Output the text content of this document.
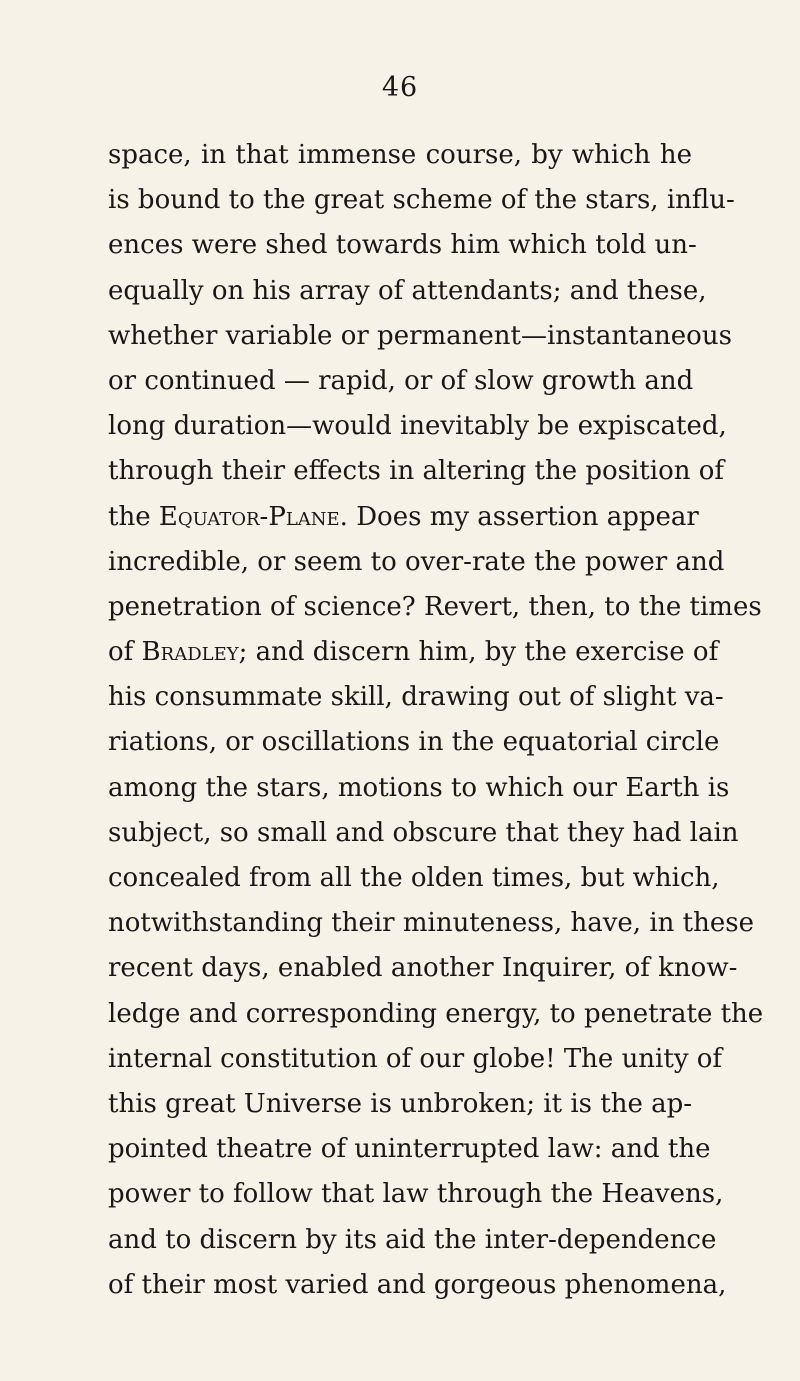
46
space, in that immense course, by which he
is bound to the great scheme of the stars, influ-
ences were shed towards him which told un-
equally on his array of attendants; and these,
whether variable or permanent—instantaneous
or continued — rapid, or of slow growth and
long duration—would inevitably be expiscated,
through their effects in altering the position of
the Equator-Plane. Does my assertion appear
incredible, or seem to over-rate the power and
penetration of science? Revert, then, to the times
of Bradley; and discern him, by the exercise of
his consummate skill, drawing out of slight va-
riations, or oscillations in the equatorial circle
among the stars, motions to which our Earth is
subject, so small and obscure that they had lain
concealed from all the olden times, but which,
notwithstanding their minuteness, have, in these
recent days, enabled another Inquirer, of know-
ledge and corresponding energy, to penetrate the
internal constitution of our globe! The unity of
this great Universe is unbroken; it is the ap-
pointed theatre of uninterrupted law: and the
power to follow that law through the Heavens,
and to discern by its aid the inter-dependence
of their most varied and gorgeous phenomena,
